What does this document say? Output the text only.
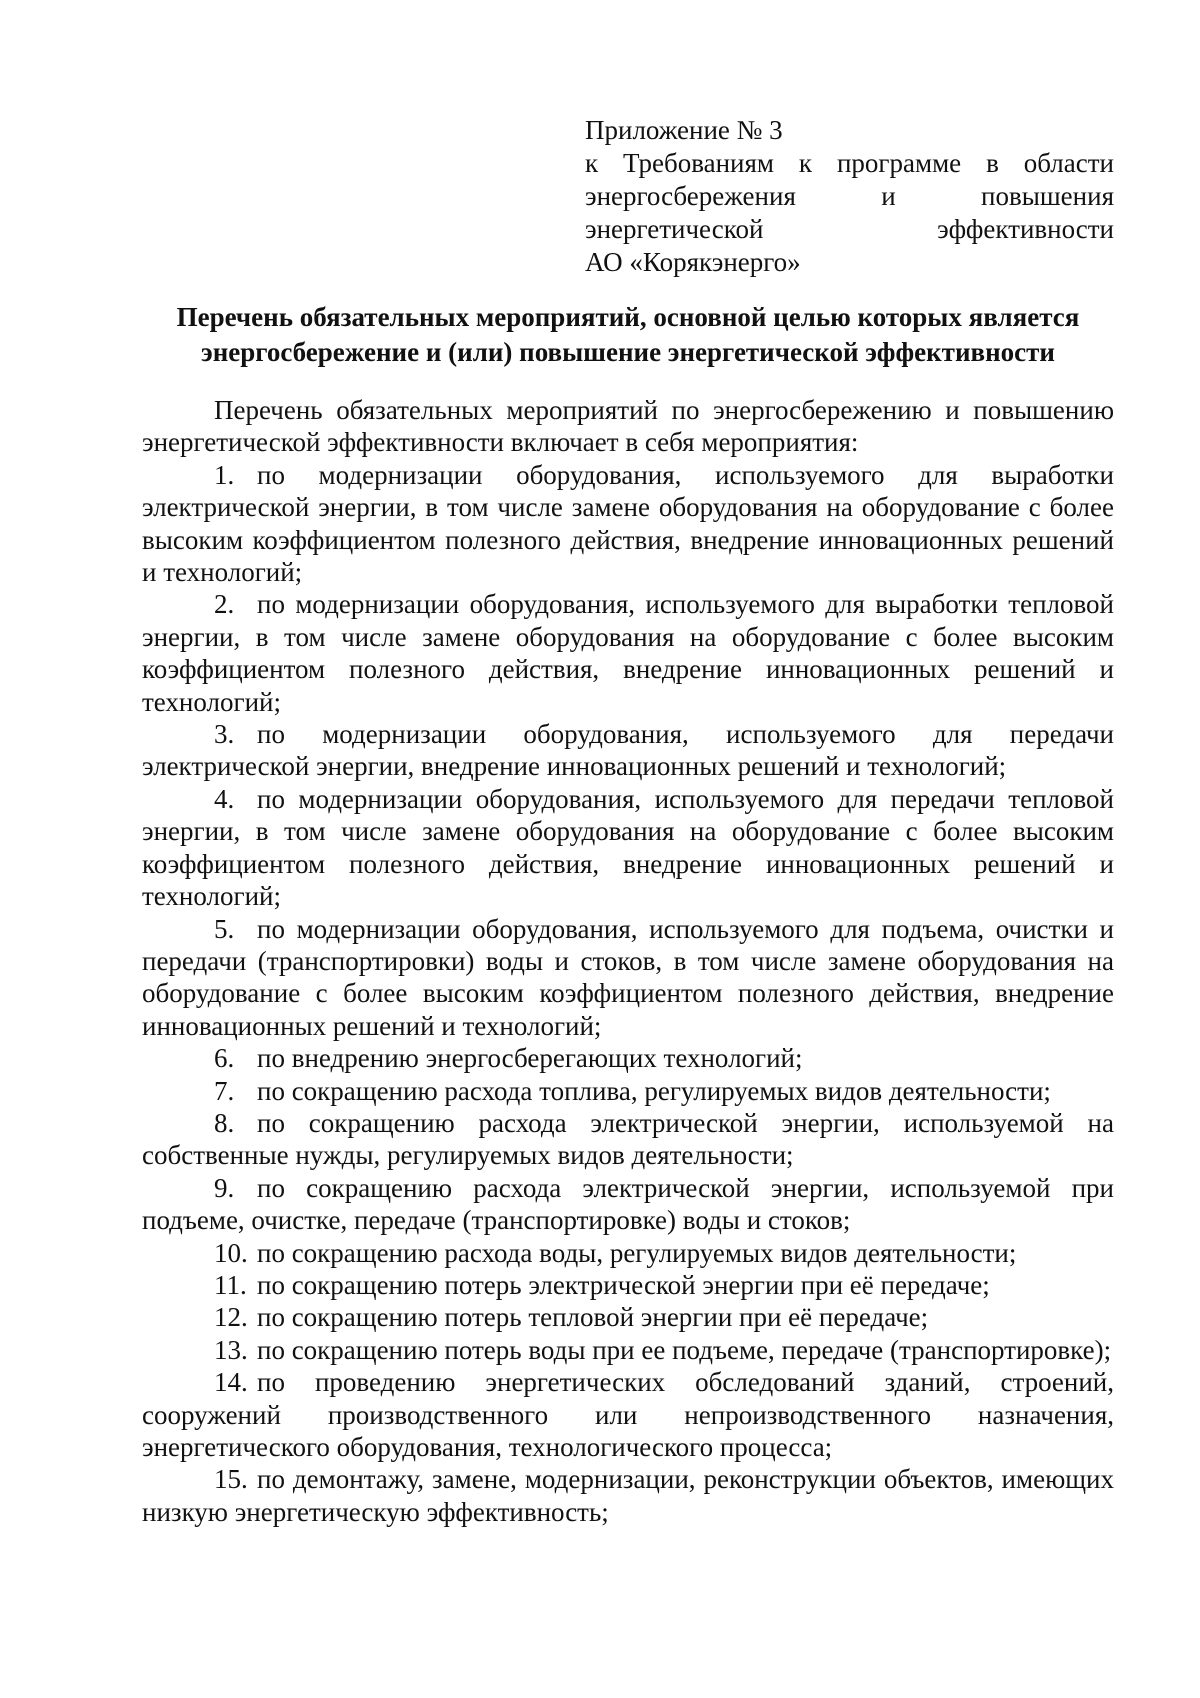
Приложение № 3
к Требованиям к программе в области
энергосбережения и повышения
энергетической эффективности
АО «Корякэнерго»
Перечень обязательных мероприятий, основной целью которых является
энергосбережение и (или) повышение энергетической эффективности

Перечень обязательных мероприятий по энергосбережению и повышению энергетической эффективности включает в себя мероприятия:

1. по модернизации оборудования, используемого для выработки электрической энергии, в том числе замене оборудования на оборудование с более высоким коэффициентом полезного действия, внедрение инновационных решений и технологий;

2. по модернизации оборудования, используемого для выработки тепловой энергии, в том числе замене оборудования на оборудование с более высоким коэффициентом полезного действия, внедрение инновационных решений и технологий;

3. по модернизации оборудования, используемого для передачи электрической энергии, внедрение инновационных решений и технологий;

4. по модернизации оборудования, используемого для передачи тепловой энергии, в том числе замене оборудования на оборудование с более высоким коэффициентом полезного действия, внедрение инновационных решений и технологий;

5. по модернизации оборудования, используемого для подъема, очистки и передачи (транспортировки) воды и стоков, в том числе замене оборудования на оборудование с более высоким коэффициентом полезного действия, внедрение инновационных решений и технологий;

6. по внедрению энергосберегающих технологий;

7. по сокращению расхода топлива, регулируемых видов деятельности;

8. по сокращению расхода электрической энергии, используемой на собственные нужды, регулируемых видов деятельности;

9. по сокращению расхода электрической энергии, используемой при подъеме, очистке, передаче (транспортировке) воды и стоков;

10. по сокращению расхода воды, регулируемых видов деятельности;

11. по сокращению потерь электрической энергии при её передаче;

12. по сокращению потерь тепловой энергии при её передаче;

13. по сокращению потерь воды при ее подъеме, передаче (транспортировке);

14. по проведению энергетических обследований зданий, строений, сооружений производственного или непроизводственного назначения, энергетического оборудования, технологического процесса;

15. по демонтажу, замене, модернизации, реконструкции объектов, имеющих низкую энергетическую эффективность;
